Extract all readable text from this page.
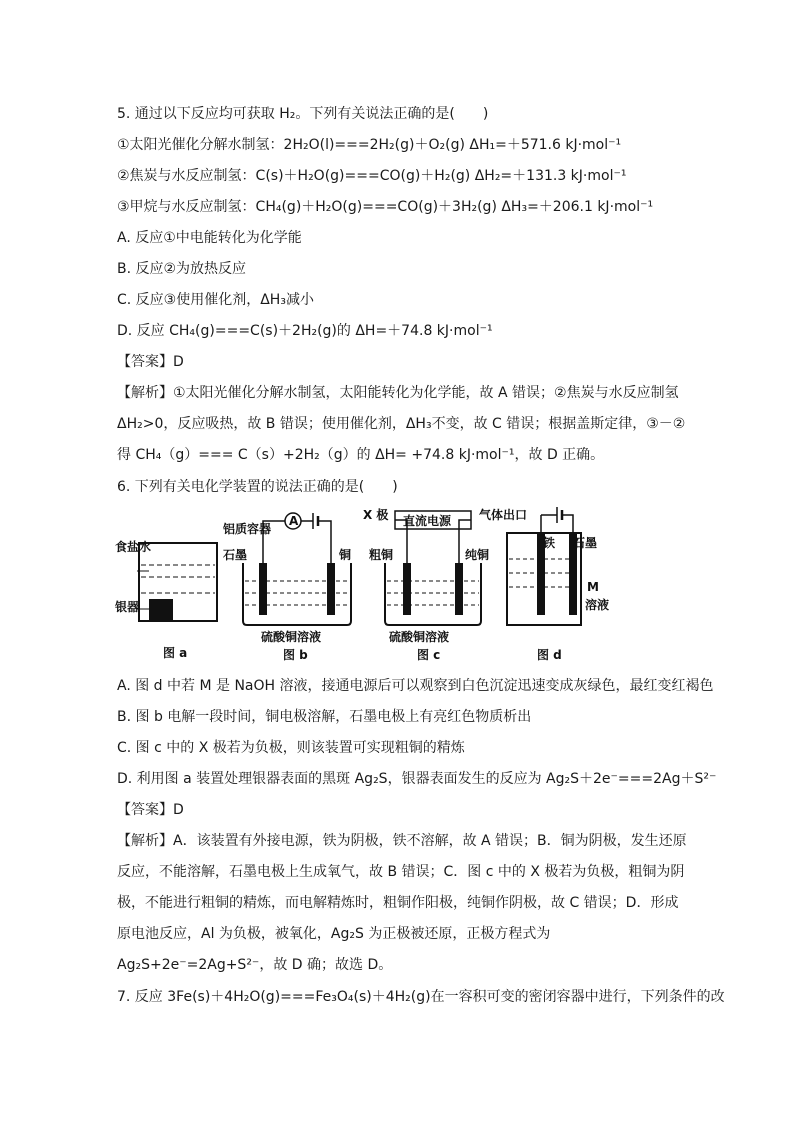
5. 通过以下反应均可获取 H₂。下列有关说法正确的是(　　)
①太阳光催化分解水制氢：2H₂O(l)===2H₂(g)＋O₂(g) ΔH₁=＋571.6 kJ·mol⁻¹
②焦炭与水反应制氢：C(s)＋H₂O(g)===CO(g)＋H₂(g) ΔH₂=＋131.3 kJ·mol⁻¹
③甲烷与水反应制氢：CH₄(g)＋H₂O(g)===CO(g)＋3H₂(g) ΔH₃=＋206.1 kJ·mol⁻¹
A. 反应①中电能转化为化学能
B. 反应②为放热反应
C. 反应③使用催化剂，ΔH₃减小
D. 反应 CH₄(g)===C(s)＋2H₂(g)的 ΔH=＋74.8 kJ·mol⁻¹
【答案】D
【解析】①太阳光催化分解水制氢，太阳能转化为化学能，故 A 错误；②焦炭与水反应制氢 ΔH₂>0，反应吸热，故 B 错误；使用催化剂，ΔH₃不变，故 C 错误；根据盖斯定律，③－②得 CH₄（g）=== C（s）+2H₂（g）的 ΔH= +74.8 kJ·mol⁻¹，故 D 正确。
6. 下列有关电化学装置的说法正确的是(　　)
食盐水
银器
铝质容器
图 a
A
石墨	铜
硫酸铜溶液
图 b
X 极 直流电源
粗铜	纯铜
硫酸铜溶液
图 c
气体出口
铁 石墨
M
溶液
图 d
A. 图 d 中若 M 是 NaOH 溶液，接通电源后可以观察到白色沉淀迅速变成灰绿色，最红变红褐色
B. 图 b 电解一段时间，铜电极溶解，石墨电极上有亮红色物质析出
C. 图 c 中的 X 极若为负极，则该装置可实现粗铜的精炼
D. 利用图 a 装置处理银器表面的黑斑 Ag₂S，银器表面发生的反应为 Ag₂S＋2e⁻===2Ag＋S²⁻
【答案】D
【解析】A．该装置有外接电源，铁为阴极，铁不溶解，故 A 错误；B．铜为阴极，发生还原反应，不能溶解，石墨电极上生成氧气，故 B 错误；C．图 c 中的 X 极若为负极，粗铜为阴极，不能进行粗铜的精炼，而电解精炼时，粗铜作阳极，纯铜作阴极，故 C 错误；D．形成原电池反应，Al 为负极，被氧化，Ag₂S 为正极被还原，正极方程式为 Ag₂S+2e⁻=2Ag+S²⁻，故 D 确；故选 D。
7. 反应 3Fe(s)＋4H₂O(g)===Fe₃O₄(s)＋4H₂(g)在一容积可变的密闭容器中进行，下列条件的改
